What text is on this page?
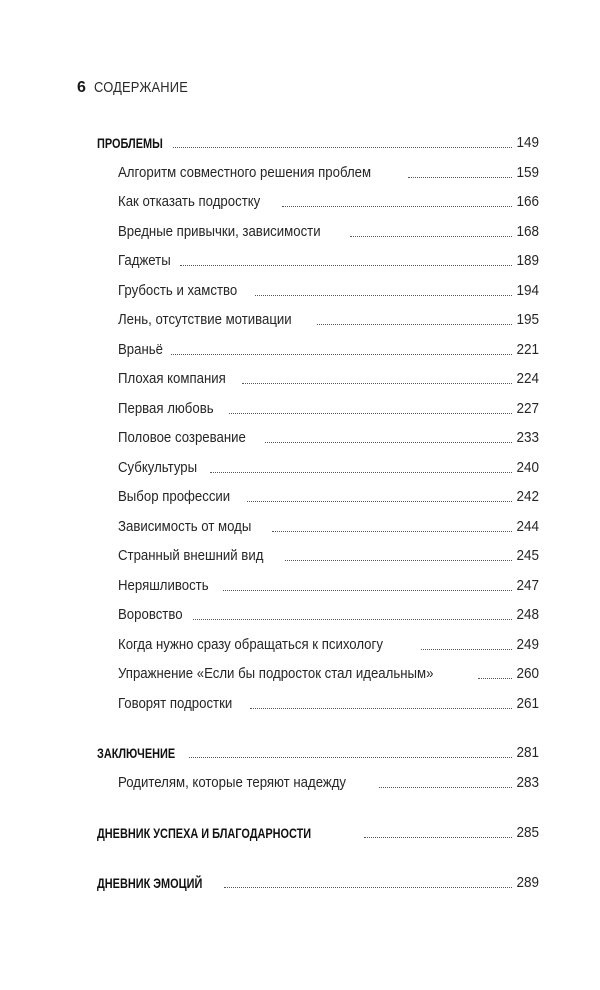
6 СОДЕРЖАНИЕ
ПРОБЛЕМЫ	149
Алгоритм совместного решения проблем	159
Как отказать подростку	166
Вредные привычки, зависимости	168
Гаджеты	189
Грубость и хамство	194
Лень, отсутствие мотивации	195
Враньё	221
Плохая компания	224
Первая любовь	227
Половое созревание	233
Субкультуры	240
Выбор профессии	242
Зависимость от моды	244
Странный внешний вид	245
Неряшливость	247
Воровство	248
Когда нужно сразу обращаться к психологу	249
Упражнение «Если бы подросток стал идеальным»	260
Говорят подростки	261
ЗАКЛЮЧЕНИЕ	281
Родителям, которые теряют надежду	283
ДНЕВНИК УСПЕХА И БЛАГОДАРНОСТИ	285
ДНЕВНИК ЭМОЦИЙ	289
